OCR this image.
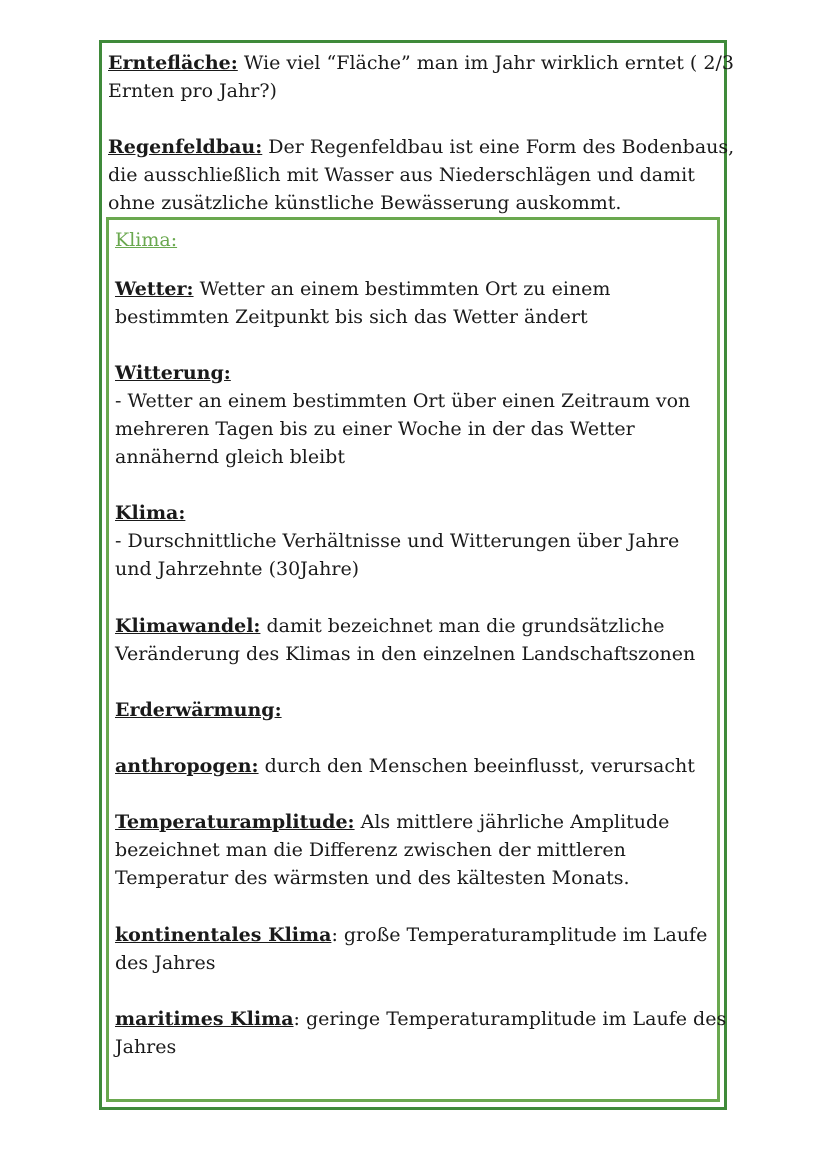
Erntefläche: Wie viel “Fläche” man im Jahr wirklich erntet ( 2/3
Ernten pro Jahr?)
Regenfeldbau: Der Regenfeldbau ist eine Form des Bodenbaus,
die ausschließlich mit Wasser aus Niederschlägen und damit
ohne zusätzliche künstliche Bewässerung auskommt.
Klima:
Wetter: Wetter an einem bestimmten Ort zu einem
bestimmten Zeitpunkt bis sich das Wetter ändert
Witterung:
- Wetter an einem bestimmten Ort über einen Zeitraum von
mehreren Tagen bis zu einer Woche in der das Wetter
annähernd gleich bleibt
Klima:
- Durschnittliche Verhältnisse und Witterungen über Jahre
und Jahrzehnte (30Jahre)
Klimawandel: damit bezeichnet man die grundsätzliche
Veränderung des Klimas in den einzelnen Landschaftszonen
Erderwärmung:
anthropogen: durch den Menschen beeinflusst, verursacht
Temperaturamplitude: Als mittlere jährliche Amplitude
bezeichnet man die Differenz zwischen der mittleren
Temperatur des wärmsten und des kältesten Monats.
kontinentales Klima: große Temperaturamplitude im Laufe
des Jahres
maritimes Klima: geringe Temperaturamplitude im Laufe des
Jahres
